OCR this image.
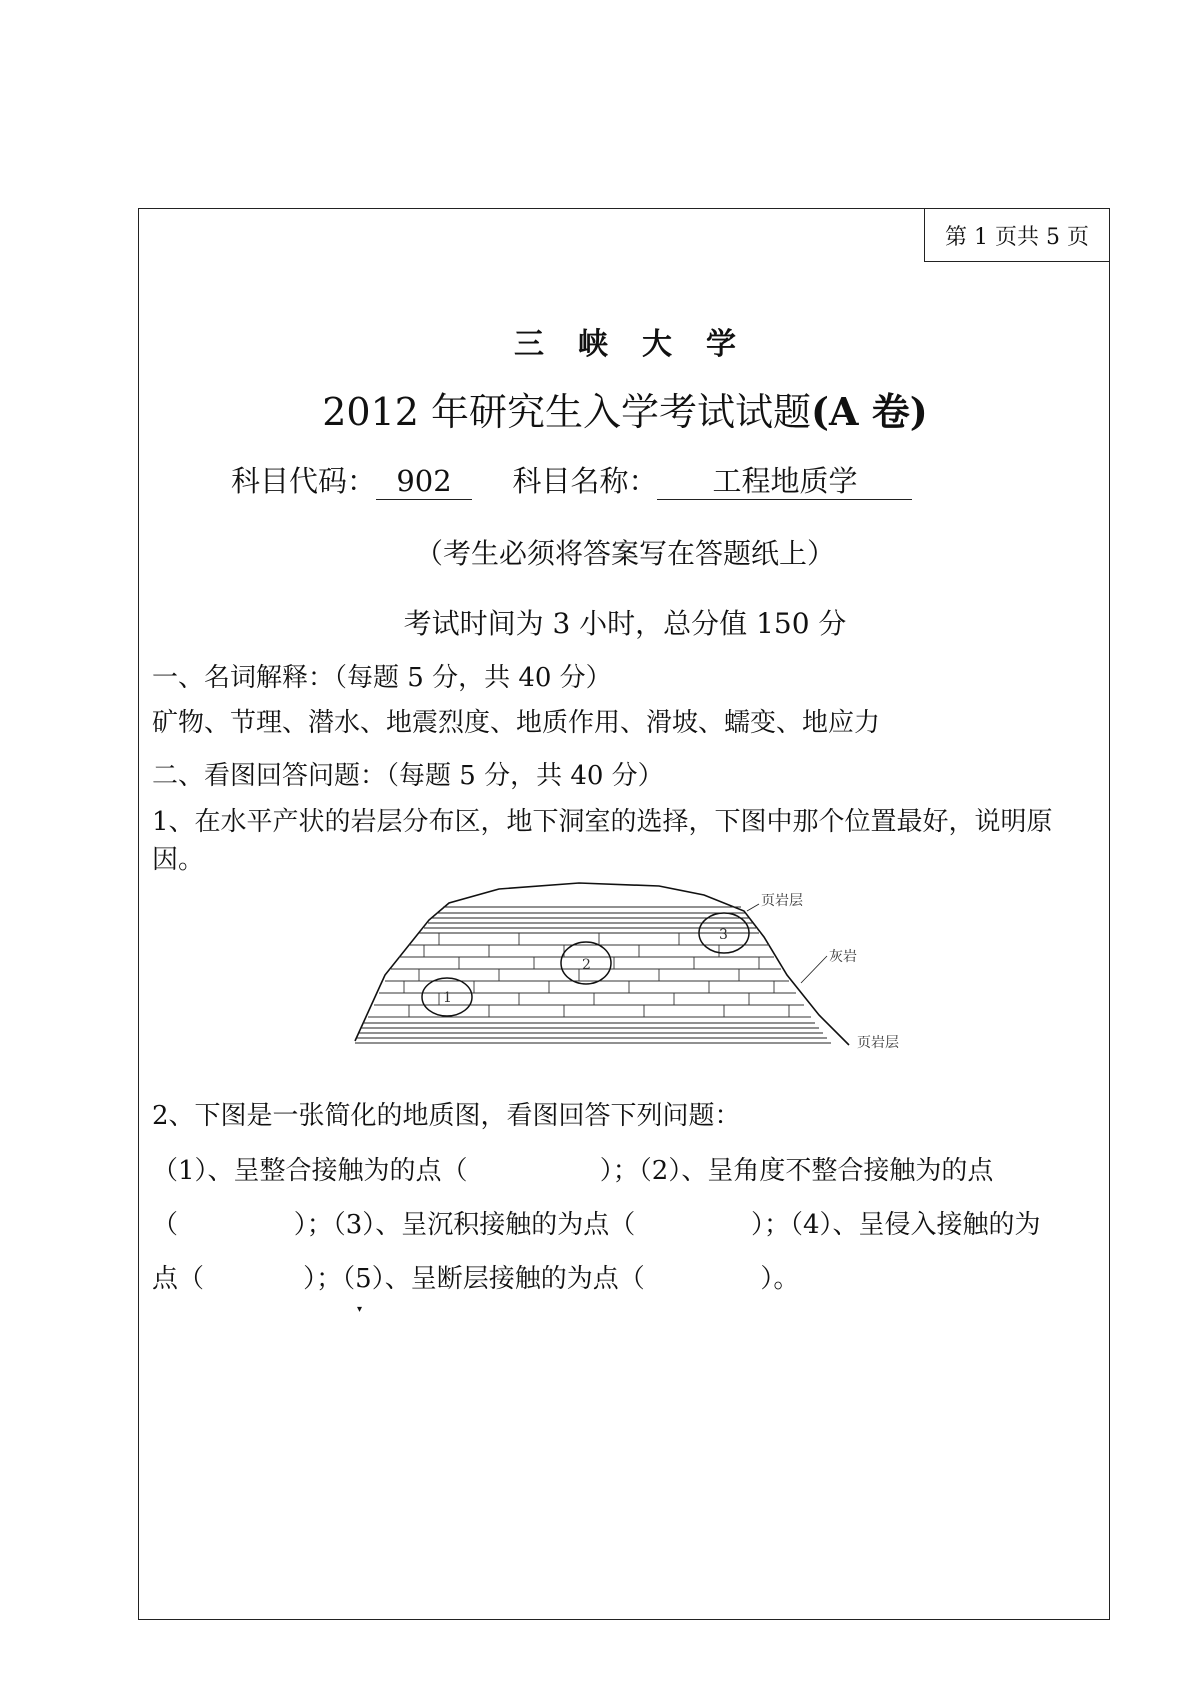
第 1 页共 5 页
三峡大学
2012 年研究生入学考试试题(A 卷)
科目代码： 902 科目名称： 工程地质学
（考生必须将答案写在答题纸上）
考试时间为 3 小时，总分值 150 分
一、名词解释：（每题 5 分，共 40 分）
矿物、节理、潜水、地震烈度、地质作用、滑坡、蠕变、地应力
二、看图回答问题：（每题 5 分，共 40 分）
1、在水平产状的岩层分布区，地下洞室的选择，下图中那个位置最好，说明原
因。
1
2
3
页岩层
灰岩
页岩层
2、下图是一张简化的地质图，看图回答下列问题：
（1）、呈整合接触为的点（                ）；（2）、呈角度不整合接触为的点
（              ）；（3）、呈沉积接触的为点（              ）；（4）、呈侵入接触的为
点（            ）；（5）、呈断层接触的为点（              ）。
▾
